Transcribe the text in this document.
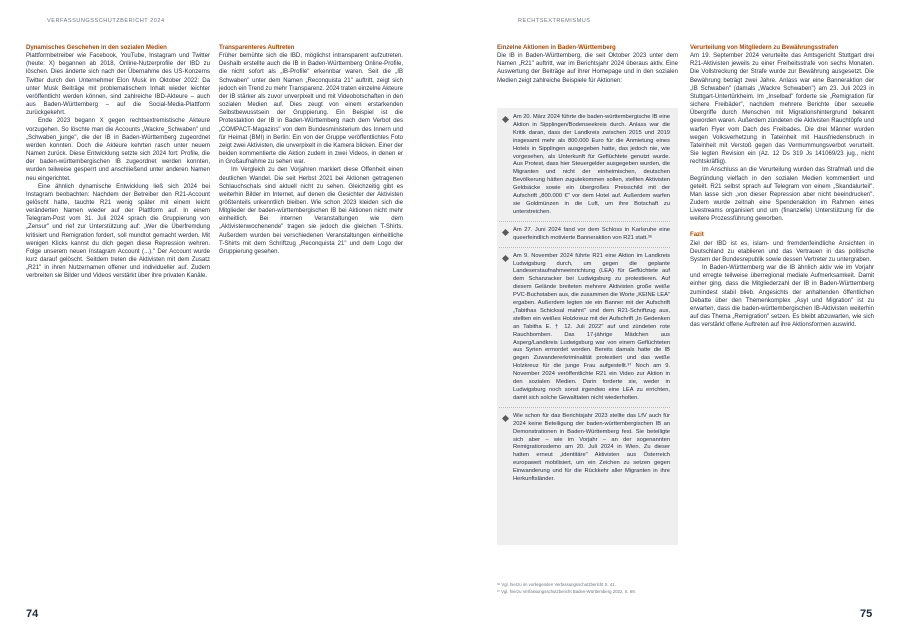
VERFASSUNGSSCHUTZBERICHT 2024	RECHTSEXTREMISMUS
Dynamisches Geschehen in den sozialen Medien

Plattformbetreiber wie Facebook, YouTube, Instagram und Twitter (heute: X) begannen ab 2018, Online-Nutzerprofile der IBD zu löschen. Dies änderte sich nach der Übernahme des US-Konzerns Twitter durch den Unternehmer Elon Musk im Oktober 2022: Da unter Musk Beiträge mit problematischem Inhalt wieder leichter veröffentlicht werden können, sind zahlreiche IBD-Akteure – auch aus Baden-Württemberg – auf die Social-Media-Plattform zurückgekehrt.

Ende 2023 begann X gegen rechtsextremistische Akteure vorzugehen. So löschte man die Accounts „Wackre_Schwaben" und „Schwaben_junge", die der IB in Baden-Württemberg zugeordnet werden konnten. Doch die Akteure kehrten rasch unter neuem Namen zurück. Diese Entwicklung setzte sich 2024 fort: Profile, die der baden-württembergischen IB zugeordnet werden konnten, wurden teilweise gesperrt und anschließend unter anderen Namen neu eingerichtet.

Eine ähnlich dynamische Entwicklung ließ sich 2024 bei Instagram beobachten: Nachdem der Betreiber den R21-Account gelöscht hatte, tauchte R21 wenig später mit einem leicht veränderten Namen wieder auf der Plattform auf. In einem Telegram-Post vom 31. Juli 2024 sprach die Gruppierung von „Zensur" und rief zur Unterstützung auf: „Wer die Überfremdung kritisiert und Remigration fordert, soll mundtot gemacht werden. Mit wenigen Klicks kannst du dich gegen diese Repression wehren. Folge unserem neuen Instagram Account (...)." Der Account wurde kurz darauf gelöscht. Seitdem treten die Aktivisten mit dem Zusatz „R21" in ihren Nutzernamen offener und individueller auf. Zudem verbreiten sie Bilder und Videos verstärkt über ihre privaten Kanäle.

Transparenteres Auftreten

Früher bemühte sich die IBD, möglichst intransparent aufzutreten. Deshalb erstellte auch die IB in Baden-Württemberg Online-Profile, die nicht sofort als „IB-Profile" erkennbar waren. Seit die „IB Schwaben" unter dem Namen „Reconquista 21" auftritt, zeigt sich jedoch ein Trend zu mehr Transparenz. 2024 traten einzelne Akteure der IB stärker als zuvor unverpixelt und mit Videobotschaften in den sozialen Medien auf. Dies zeugt von einem erstarkenden Selbstbewusstsein der Gruppierung. Ein Beispiel ist die Protestaktion der IB in Baden-Württemberg nach dem Verbot des „COMPACT-Magazins" von dem Bundesministerium des Innern und für Heimat (BMI) in Berlin: Ein von der Gruppe veröffentlichtes Foto zeigt zwei Aktivisten, die unverpixelt in die Kamera blicken. Einer der beiden kommentierte die Aktion zudem in zwei Videos, in denen er in Großaufnahme zu sehen war.

Im Vergleich zu den Vorjahren markiert diese Offenheit einen deutlichen Wandel. Die seit Herbst 2021 bei Aktionen getragenen Schlauchschals sind aktuell nicht zu sehen. Gleichzeitig gibt es weiterhin Bilder im Internet, auf denen die Gesichter der Aktivisten größtenteils unkenntlich bleiben. Wie schon 2023 kleiden sich die Mitglieder der baden-württembergischen IB bei Aktionen nicht mehr einheitlich. Bei internen Veranstaltungen wie dem „Aktivistenwochenende" tragen sie jedoch die gleichen T-Shirts. Außerdem wurden bei verschiedenen Veranstaltungen einheitliche T-Shirts mit dem Schriftzug „Reconquista 21" und dem Logo der Gruppierung gesehen.

Einzelne Aktionen in Baden-Württemberg

Die IB in Baden-Württemberg, die seit Oktober 2023 unter dem Namen „R21" auftritt, war im Berichtsjahr 2024 überaus aktiv. Eine Auswertung der Beiträge auf ihrer Homepage und in den sozialen Medien zeigt zahlreiche Beispiele für Aktionen:

Am 20. März 2024 führte die baden-württembergische IB eine Aktion in Sipplingen/Bodenseekreis durch. Anlass war die Kritik daran, dass der Landkreis zwischen 2015 und 2019 insgesamt mehr als 800.000 Euro für die Anmietung eines Hotels in Sipplingen ausgegeben hatte, das jedoch nie, wie vorgesehen, als Unterkunft für Geflüchtete genutzt wurde. Aus Protest, dass hier Steuergelder ausgegeben wurden, die Migranten und nicht der einheimischen, deutschen Bevölkerung hätten zugutekommen sollen, stellten Aktivisten Geldsäcke sowie ein übergroßes Preisschild mit der Aufschrift „800.000 €" vor dem Hotel auf. Außerdem warfen sie Goldmünzen in die Luft, um ihre Botschaft zu unterstreichen.

Am 27. Juni 2024 fand vor dem Schloss in Karlsruhe eine queerfeindlich motivierte Banneraktion von R21 statt.³⁶

Am 9. November 2024 führte R21 eine Aktion im Landkreis Ludwigsburg durch, um gegen die geplante Landeserstaufnahmeeinrichtung (LEA) für Geflüchtete auf dem Schanzacker bei Ludwigsburg zu protestieren. Auf diesem Gelände breiteten mehrere Aktivisten große weiße PVC-Buchstaben aus, die zusammen die Worte „KEINE LEA" ergaben. Außerdem legten sie ein Banner mit der Aufschrift „Tabithas Schicksal mahnt" und dem R21-Schriftzug aus, stellten ein weißes Holzkreuz mit der Aufschrift „In Gedenken an Tabitha E. † 12. Juli 2022" auf und zündeten rote Rauchbomben. Das 17-jährige Mädchen aus Asperg/Landkreis Ludwigsburg war von einem Geflüchteten aus Syrien ermordet worden. Bereits damals hatte die IB gegen Zuwandererkriminalität protestiert und das weiße Holzkreuz für die junge Frau aufgestellt.³⁷ Noch am 9. November 2024 veröffentlichte R21 ein Video zur Aktion in den sozialen Medien. Darin forderte sie, weder in Ludwigsburg noch sonst irgendwo eine LEA zu errichten, damit sich solche Gewalttaten nicht wiederholten.

Wie schon für das Berichtsjahr 2023 stellte das LfV auch für 2024 keine Beteiligung der baden-württembergischen IB an Demonstrationen in Baden-Württemberg fest. Sie beteiligte sich aber – wie im Vorjahr – an der sogenannten Remigrationsdemo am 20. Juli 2024 in Wien. Zu dieser hatten erneut „identitäre" Aktivisten aus Österreich europaweit mobilisiert, um ein Zeichen zu setzen gegen Einwanderung und für die Rückkehr aller Migranten in ihre Herkunftsländer.

³⁶ Vgl. hierzu im vorliegenden Verfassungsschutzbericht S. 41.
³⁷ Vgl. hierzu Verfassungsschutzbericht Baden-Württemberg 2022, S. 69.
Verurteilung von Mitgliedern zu Bewährungsstrafen

Am 19. September 2024 verurteilte das Amtsgericht Stuttgart drei R21-Aktivisten jeweils zu einer Freiheitsstrafe von sechs Monaten. Die Vollstreckung der Strafe wurde zur Bewährung ausgesetzt. Die Bewährung beträgt zwei Jahre. Anlass war eine Banneraktion der „IB Schwaben" (damals „Wackre Schwaben") am 23. Juli 2023 in Stuttgart-Untertürkheim. Im „Inselbad" forderte sie „Remigration für sichere Freibäder", nachdem mehrere Berichte über sexuelle Übergriffe durch Menschen mit Migrationshintergrund bekannt geworden waren. Außerdem zündeten die Aktivisten Rauchtöpfe und warfen Flyer vom Dach des Freibades. Die drei Männer wurden wegen Volksverhetzung in Tateinheit mit Hausfriedensbruch in Tateinheit mit Verstoß gegen das Vermummungsverbot verurteilt. Sie legten Revision ein (Az. 12 Ds 319 Js 141069/23 jug., nicht rechtskräftig).

Im Anschluss an die Verurteilung wurden das Strafmaß und die Begründung vielfach in den sozialen Medien kommentiert und geteilt. R21 selbst sprach auf Telegram von einem „Skandalurteil". Man lasse sich „von dieser Repression aber nicht beeindrucken". Zudem wurde zeitnah eine Spendenaktion im Rahmen eines Livestreams organisiert und um (finanzielle) Unterstützung für die weitere Prozessführung geworben.

Fazit

Ziel der IBD ist es, islam- und fremdenfeindliche Ansichten in Deutschland zu etablieren und das Vertrauen in das politische System der Bundesrepublik sowie dessen Vertreter zu untergraben.

In Baden-Württemberg war die IB ähnlich aktiv wie im Vorjahr und erregte teilweise überregional mediale Aufmerksamkeit. Damit einher ging, dass die Mitgliederzahl der IB in Baden-Württemberg zumindest stabil blieb. Angesichts der anhaltenden öffentlichen Debatte über den Themenkomplex „Asyl und Migration" ist zu erwarten, dass die baden-württembergischen IB-Aktivisten weiterhin auf das Thema „Remigration" setzen. Es bleibt abzuwarten, wie sich das verstärkt offene Auftreten auf ihre Aktionsformen auswirkt.

74	75
